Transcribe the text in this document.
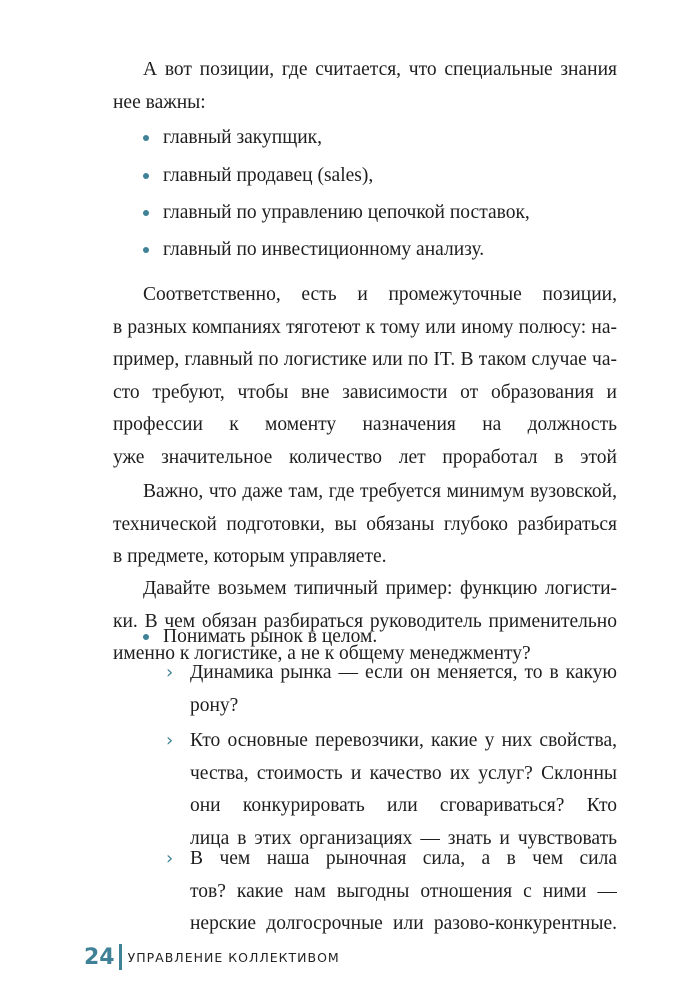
А вот позиции, где считается, что специальные знания
нее важны:
главный закупщик,
главный продавец (sales),
главный по управлению цепочкой поставок,
главный по инвестиционному анализу.
Соответственно, есть и промежуточные позиции,
в разных компаниях тяготеют к тому или иному полюсу: на-
пример, главный по логистике или по IT. В таком случае ча-
сто требуют, чтобы вне зависимости от образования и
профессии к моменту назначения на должность
уже значительное количество лет проработал в этой
Важно, что даже там, где требуется минимум вузовской,
технической подготовки, вы обязаны глубоко разбираться
в предмете, которым управляете.
Давайте возьмем типичный пример: функцию логисти-
ки. В чем обязан разбираться руководитель применительно
именно к логистике, а не к общему менеджменту?
Понимать рынок в целом.
› Динамика рынка — если он меняется, то в какую
рону?
› Кто основные перевозчики, какие у них свойства,
чества, стоимость и качество их услуг? Склонны
они конкурировать или сговариваться? Кто
лица в этих организациях — знать и чувствовать
› В чем наша рыночная сила, а в чем сила
тов? какие нам выгодны отношения с ними —
нерские долгосрочные или разово-конкурентные.
24 УПРАВЛЕНИЕ КОЛЛЕКТИВОМ
